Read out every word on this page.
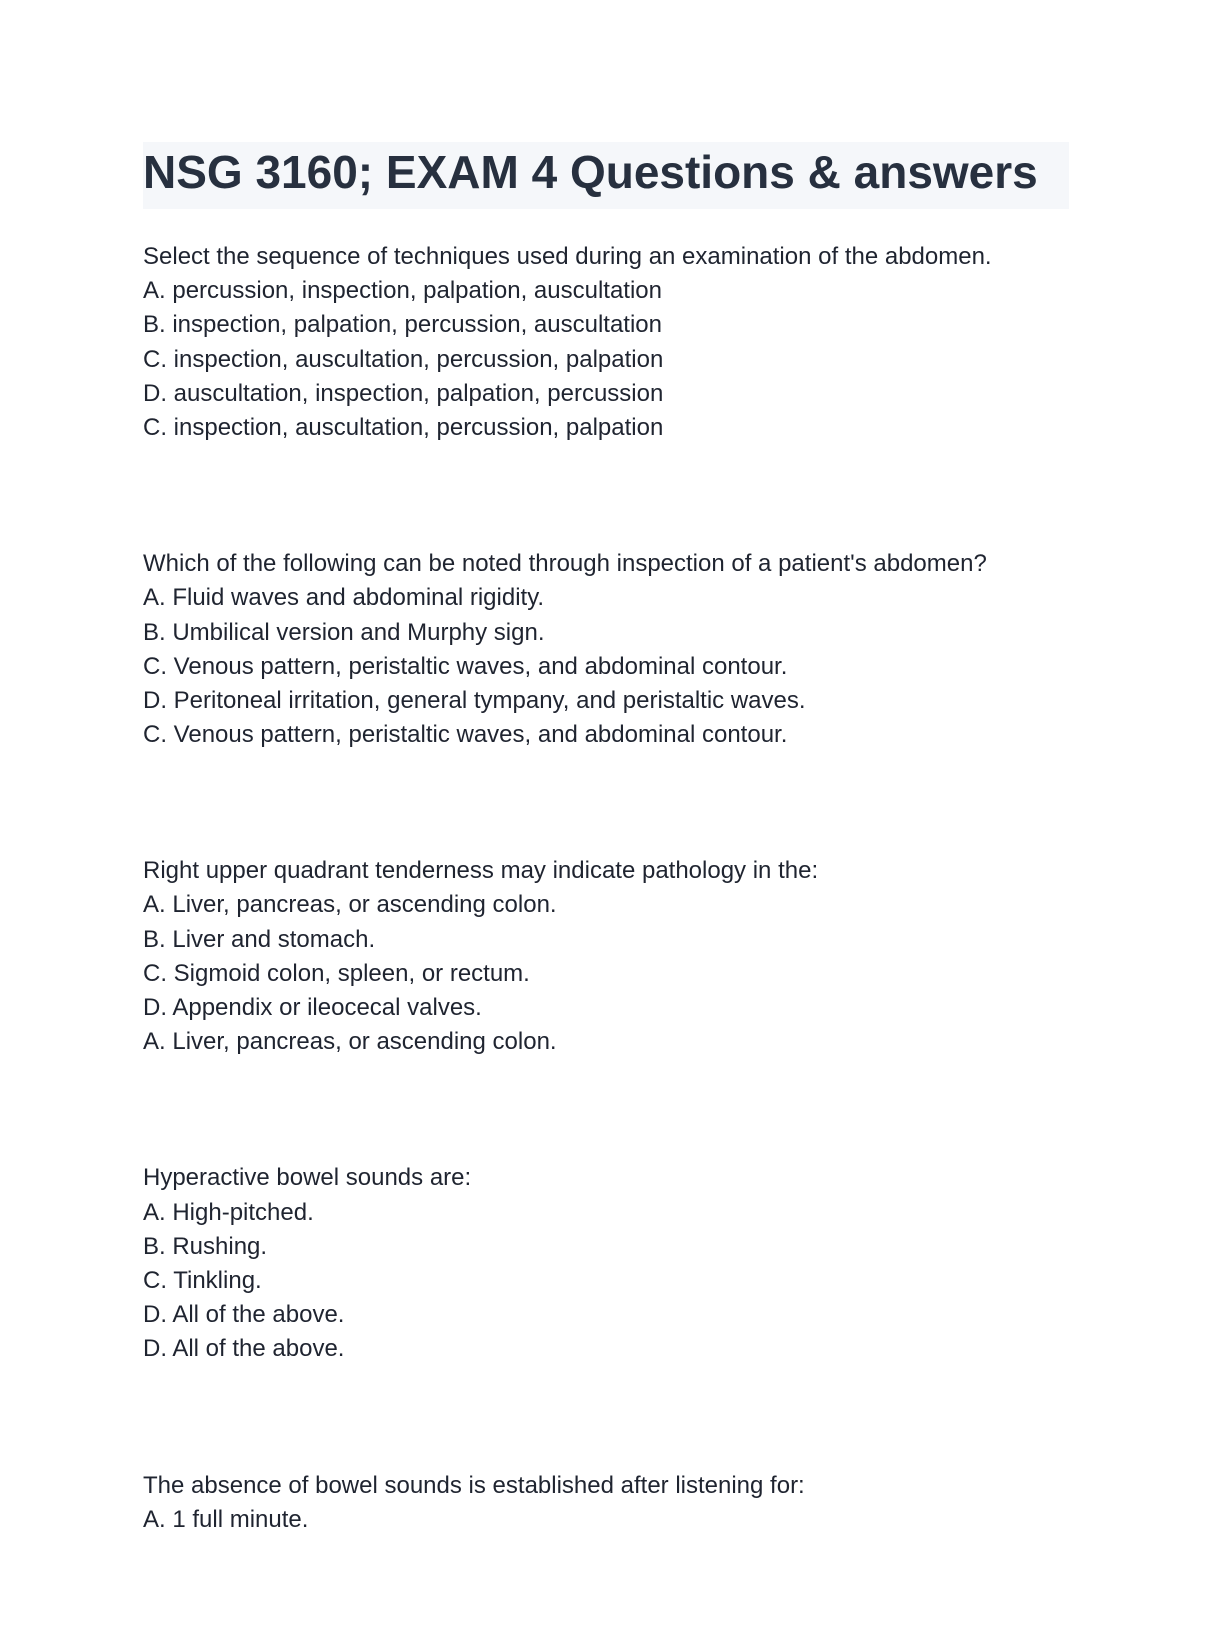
NSG 3160; EXAM 4 Questions & answers
Select the sequence of techniques used during an examination of the abdomen.
A. percussion, inspection, palpation, auscultation
B. inspection, palpation, percussion, auscultation
C. inspection, auscultation, percussion, palpation
D. auscultation, inspection, palpation, percussion
C. inspection, auscultation, percussion, palpation
Which of the following can be noted through inspection of a patient's abdomen?
A. Fluid waves and abdominal rigidity.
B. Umbilical version and Murphy sign.
C. Venous pattern, peristaltic waves, and abdominal contour.
D. Peritoneal irritation, general tympany, and peristaltic waves.
C. Venous pattern, peristaltic waves, and abdominal contour.
Right upper quadrant tenderness may indicate pathology in the:
A. Liver, pancreas, or ascending colon.
B. Liver and stomach.
C. Sigmoid colon, spleen, or rectum.
D. Appendix or ileocecal valves.
A. Liver, pancreas, or ascending colon.
Hyperactive bowel sounds are:
A. High-pitched.
B. Rushing.
C. Tinkling.
D. All of the above.
D. All of the above.
The absence of bowel sounds is established after listening for:
A. 1 full minute.
